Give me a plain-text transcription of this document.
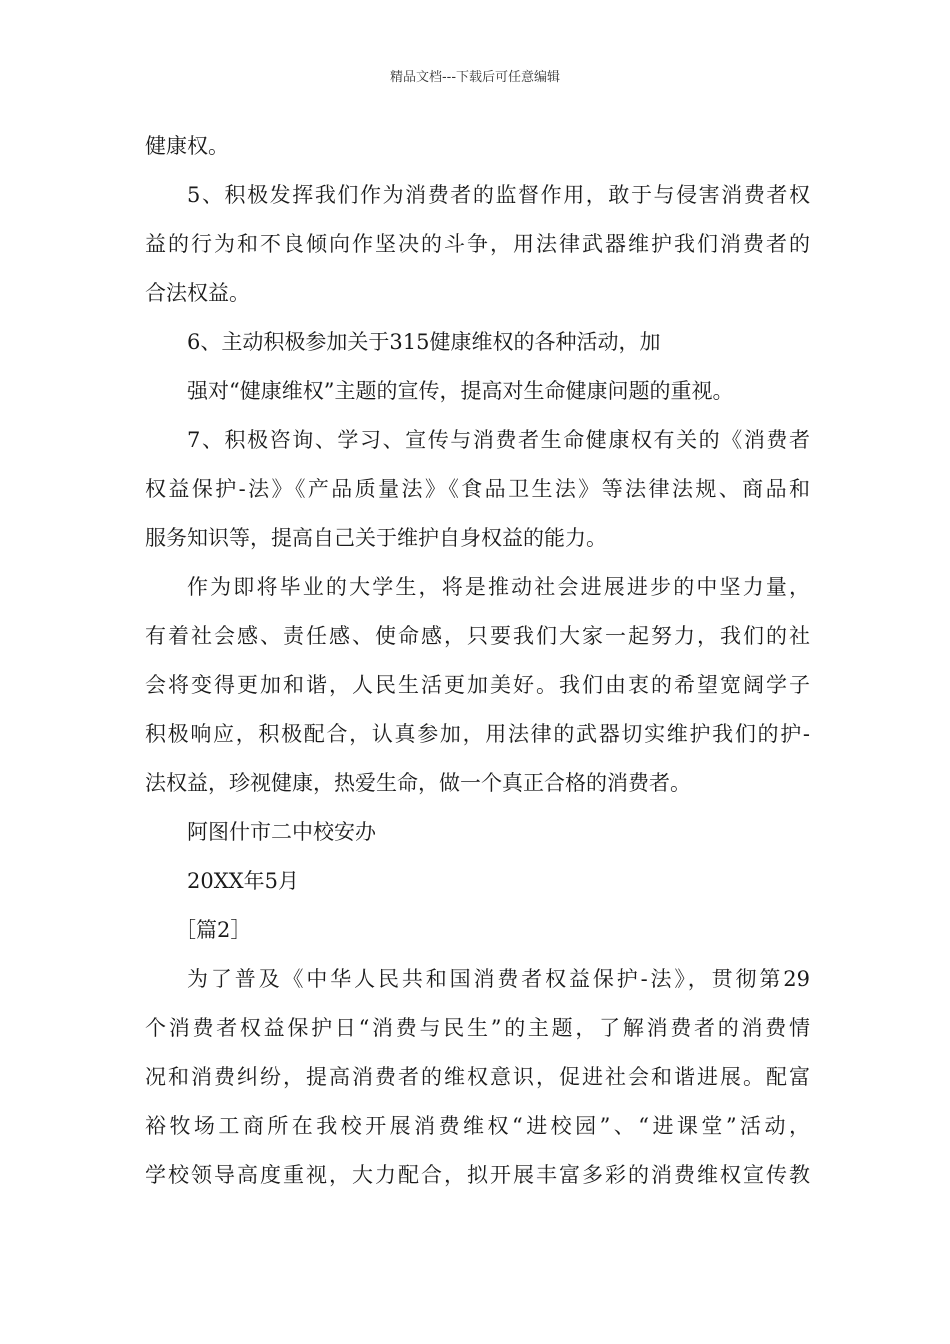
精品文档---下载后可任意编辑
健康权。
5、积极发挥我们作为消费者的监督作用，敢于与侵害消费者权
益的行为和不良倾向作坚决的斗争，用法律武器维护我们消费者的
合法权益。
6、主动积极参加关于315健康维权的各种活动，加
强对“健康维权”主题的宣传，提高对生命健康问题的重视。
7、积极咨询、学习、宣传与消费者生命健康权有关的《消费者
权益保护-法》《产品质量法》《食品卫生法》等法律法规、商品和
服务知识等，提高自己关于维护自身权益的能力。
作为即将毕业的大学生，将是推动社会进展进步的中坚力量，
有着社会感、责任感、使命感，只要我们大家一起努力，我们的社
会将变得更加和谐，人民生活更加美好。我们由衷的希望宽阔学子
积极响应，积极配合，认真参加，用法律的武器切实维护我们的护-
法权益，珍视健康，热爱生命，做一个真正合格的消费者。
阿图什市二中校安办
20XX年5月
［篇2］
为了普及《中华人民共和国消费者权益保护-法》，贯彻第29
个消费者权益保护日“消费与民生”的主题，了解消费者的消费情
况和消费纠纷，提高消费者的维权意识，促进社会和谐进展。配富
裕牧场工商所在我校开展消费维权“进校园”、“进课堂”活动，
学校领导高度重视，大力配合，拟开展丰富多彩的消费维权宣传教
